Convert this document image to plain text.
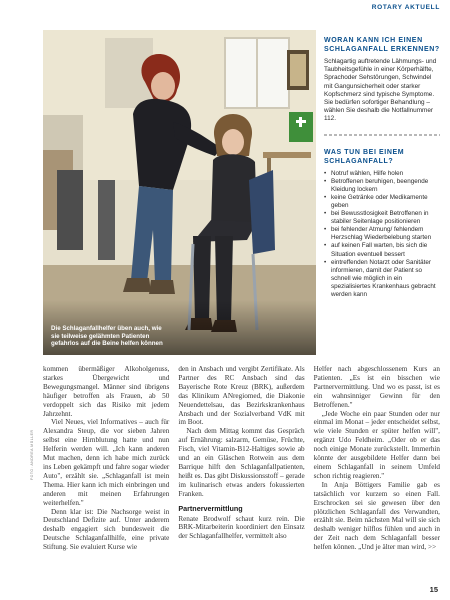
ROTARY AKTUELL
Die Schlaganfallhelfer üben auch, wie sie teilweise gelähmten Patienten gefahrlos auf die Beine helfen können
FOTO: ANDREA MÜLLER
WORAN KANN ICH EINEN SCHLAGANFALL ERKENNEN?

Schlagartig auftretende Lähmungs- und Taubheitsgefühle in einer Körperhälfte, Sprachoder Sehstörungen, Schwindel mit Gangunsicherheit oder starker Kopfschmerz sind typische Symptome. Sie bedürfen sofortiger Behandlung – wählen Sie deshalb die Notfallnummer 112.

WAS TUN BEI EINEM SCHLAGANFALL?
• Notruf wählen, Hilfe holen
• Betroffenen beruhigen, beengende Kleidung lockern
• keine Getränke oder Medikamente geben
• bei Bewusstlosigkeit Betroffenen in stabiler Seitenlage positionieren
• bei fehlender Atmung/ fehlendem Herzschlag Wiederbelebung starten
• auf keinen Fall warten, bis sich die Situation eventuell bessert
• eintreffenden Notarzt oder Sanitäter informieren, damit der Patient so schnell wie möglich in ein spezialisiertes Krankenhaus gebracht werden kann

kommen übermäßiger Alkoholgenuss, starkes Übergewicht und Bewegungsmangel. Männer sind übrigens häufiger betroffen als Frauen, ab 50 verdoppelt sich das Risiko mit jedem Jahrzehnt.

Viel Neues, viel Informatives – auch für Alexandra Steup, die vor sieben Jahren selbst eine Hirnblutung hatte und nun Helferin werden will. „Ich kann anderen Mut machen, denn ich habe mich zurück ins Leben gekämpft und fahre sogar wieder Auto", erzählt sie. „Schlaganfall ist mein Thema. Hier kann ich mich einbringen und anderen mit meinen Erfahrungen weiterhelfen."

Denn klar ist: Die Nachsorge weist in Deutschland Defizite auf. Unter anderem deshalb engagiert sich bundesweit die Deutsche Schlaganfallhilfe, eine private Stiftung. Sie evaluiert Kurse wie

den in Ansbach und vergibt Zertifikate. Als Partner des RC Ansbach sind das Bayerische Rote Kreuz (BRK), außerdem das Klinikum ANregiomed, die Diakonie Neuendettelsau, das Bezirkskrankenhaus Ansbach und der Sozialverband VdK mit im Boot.

Nach dem Mittag kommt das Gespräch auf Ernährung: salzarm, Gemüse, Früchte, Fisch, viel Vitamin-B12-Haltiges sowie ab und an ein Gläschen Rotwein aus dem Barrique hilft den Schlaganfallpatienten, heißt es. Das gibt Diskussionsstoff – gerade im kulinarisch etwas anders fokussierten Franken.

Partnervermittlung

Renate Brodwolf schaut kurz rein. Die BRK-Mitarbeiterin koordiniert den Einsatz der Schlaganfallhelfer, vermittelt also

Helfer nach abgeschlossenem Kurs an Patienten. „Es ist ein bisschen wie Partnervermittlung. Und wo es passt, ist es ein wahnsinniger Gewinn für den Betroffenen."

„Jede Woche ein paar Stunden oder nur einmal im Monat – jeder entscheidet selbst, wie viele Stunden er spüter helfen will", ergänzt Udo Feldheim. „Oder ob er das noch einige Monate zurückstellt. Immerhin könnte der ausgebildete Helfer dann bei einem Schlaganfall in seinem Umfeld schon richtig reagieren."

In Anja Böttigers Familie gab es tatsächlich vor kurzem so einen Fall. Erschrocken sei sie gewesen über den plötzlichen Schlaganfall des Verwandten, erzählt sie. Beim nächsten Mal will sie sich deshalb weniger hilflos fühlen und auch in der Zeit nach dem Schlaganfall besser helfen können. „Und je älter man wird, >>

15
